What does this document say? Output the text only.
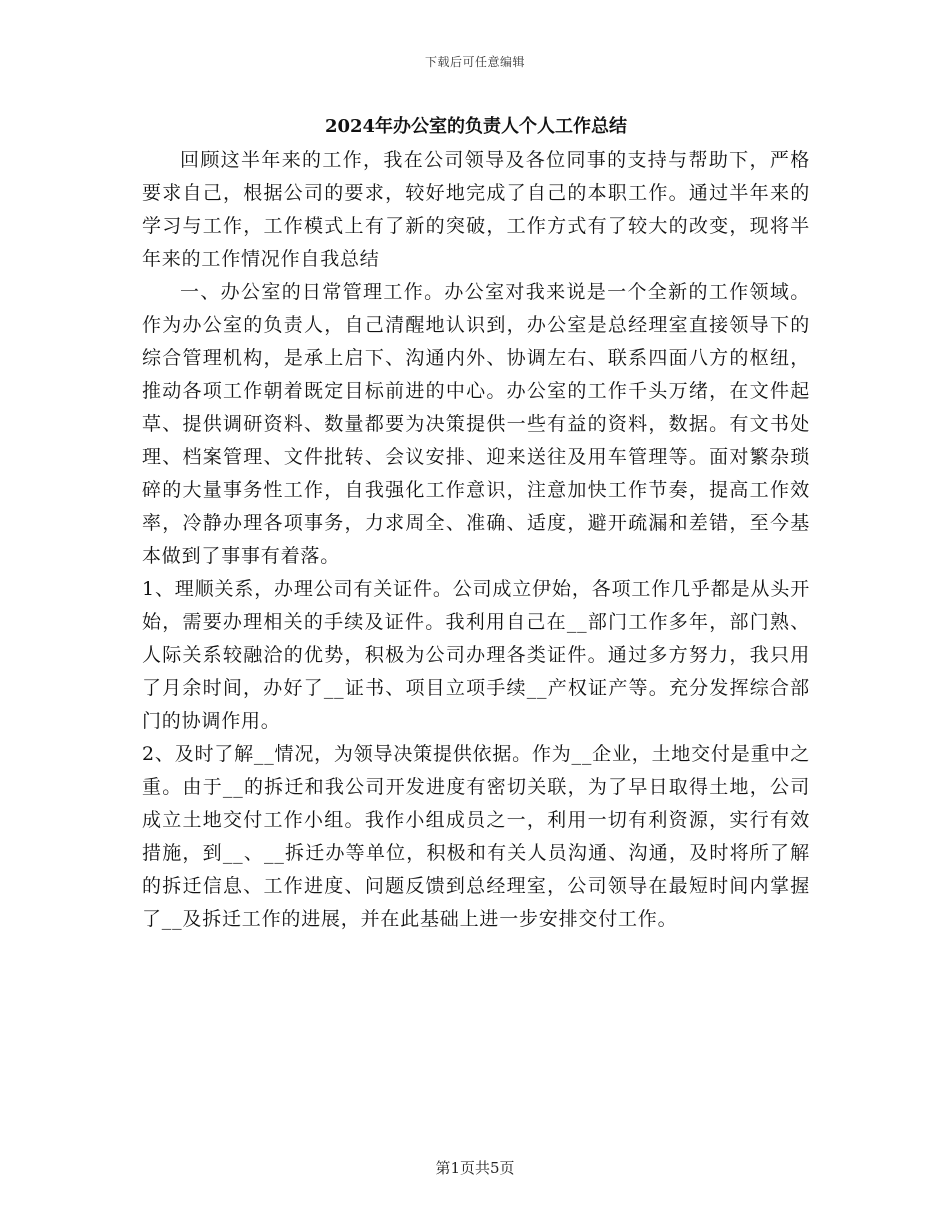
下载后可任意编辑
2024年办公室的负责人个人工作总结

回顾这半年来的工作，我在公司领导及各位同事的支持与帮助下，严格要求自己，根据公司的要求，较好地完成了自己的本职工作。通过半年来的学习与工作，工作模式上有了新的突破，工作方式有了较大的改变，现将半年来的工作情况作自我总结

一、办公室的日常管理工作。办公室对我来说是一个全新的工作领域。作为办公室的负责人，自己清醒地认识到，办公室是总经理室直接领导下的综合管理机构，是承上启下、沟通内外、协调左右、联系四面八方的枢纽，推动各项工作朝着既定目标前进的中心。办公室的工作千头万绪，在文件起草、提供调研资料、数量都要为决策提供一些有益的资料，数据。有文书处理、档案管理、文件批转、会议安排、迎来送往及用车管理等。面对繁杂琐碎的大量事务性工作，自我强化工作意识，注意加快工作节奏，提高工作效率，冷静办理各项事务，力求周全、准确、适度，避开疏漏和差错，至今基本做到了事事有着落。

1、理顺关系，办理公司有关证件。公司成立伊始，各项工作几乎都是从头开始，需要办理相关的手续及证件。我利用自己在__部门工作多年，部门熟、人际关系较融洽的优势，积极为公司办理各类证件。通过多方努力，我只用了月余时间，办好了__证书、项目立项手续__产权证产等。充分发挥综合部门的协调作用。

2、及时了解__情况，为领导决策提供依据。作为__企业，土地交付是重中之重。由于__的拆迁和我公司开发进度有密切关联，为了早日取得土地，公司成立土地交付工作小组。我作小组成员之一，利用一切有利资源，实行有效措施，到__、__拆迁办等单位，积极和有关人员沟通、沟通，及时将所了解的拆迁信息、工作进度、问题反馈到总经理室，公司领导在最短时间内掌握了__及拆迁工作的进展，并在此基础上进一步安排交付工作。

第1页共5页
